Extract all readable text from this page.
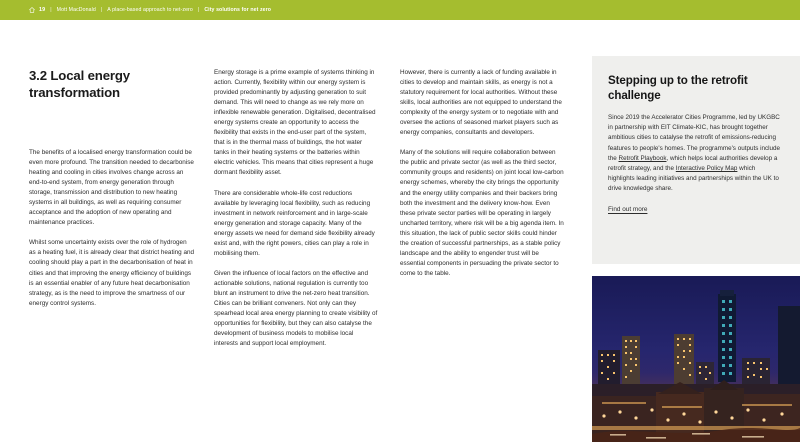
19 | Mott MacDonald | A place-based approach to net-zero | City solutions for net zero
3.2 Local energy transformation

The benefits of a localised energy transformation could be even more profound. The transition needed to decarbonise heating and cooling in cities involves change across an end-to-end system, from energy generation through storage, transmission and distribution to new heating systems in all buildings, as well as requiring consumer acceptance and the adoption of new operating and maintenance practices.

Whilst some uncertainty exists over the role of hydrogen as a heating fuel, it is already clear that district heating and cooling should play a part in the decarbonisation of heat in cities and that improving the energy efficiency of buildings is an essential enabler of any future heat decarbonisation strategy, as is the need to improve the smartness of our energy control systems.

Energy storage is a prime example of systems thinking in action. Currently, flexibility within our energy system is provided predominantly by adjusting generation to suit demand. This will need to change as we rely more on inflexible renewable generation. Digitalised, decentralised energy systems create an opportunity to access the flexibility that exists in the end-user part of the system, that is in the thermal mass of buildings, the hot water tanks in their heating systems or the batteries within electric vehicles. This means that cities represent a huge dormant flexibility asset.

There are considerable whole-life cost reductions available by leveraging local flexibility, such as reducing investment in network reinforcement and in large-scale energy generation and storage capacity. Many of the energy assets we need for demand side flexibility already exist and, with the right powers, cities can play a role in mobilising them.

Given the influence of local factors on the effective and actionable solutions, national regulation is currently too blunt an instrument to drive the net-zero heat transition. Cities can be brilliant conveners. Not only can they spearhead local area energy planning to create visibility of opportunities for flexibility, but they can also catalyse the development of business models to mobilise local interests and support local employment.

However, there is currently a lack of funding available in cities to develop and maintain skills, as energy is not a statutory requirement for local authorities. Without these skills, local authorities are not equipped to understand the complexity of the energy system or to negotiate with and oversee the actions of seasoned market players such as energy companies, consultants and developers.

Many of the solutions will require collaboration between the public and private sector (as well as the third sector, community groups and residents) on joint local low-carbon energy schemes, whereby the city brings the opportunity and the energy utility companies and their backers bring both the investment and the delivery know-how. Even these private sector parties will be operating in largely uncharted territory, where risk will be a big agenda item. In this situation, the lack of public sector skills could hinder the creation of successful partnerships, as a stable policy landscape and the ability to engender trust will be essential components in persuading the private sector to come to the table.

Stepping up to the retrofit challenge

Since 2019 the Accelerator Cities Programme, led by UKGBC in partnership with EIT Climate-KIC, has brought together ambitious cities to catalyse the retrofit of emissions-reducing features to people's homes. The programme's outputs include the Retrofit Playbook, which helps local authorities develop a retrofit strategy, and the Interactive Policy Map which highlights leading initiatives and partnerships within the UK to drive knowledge share.

Find out more
